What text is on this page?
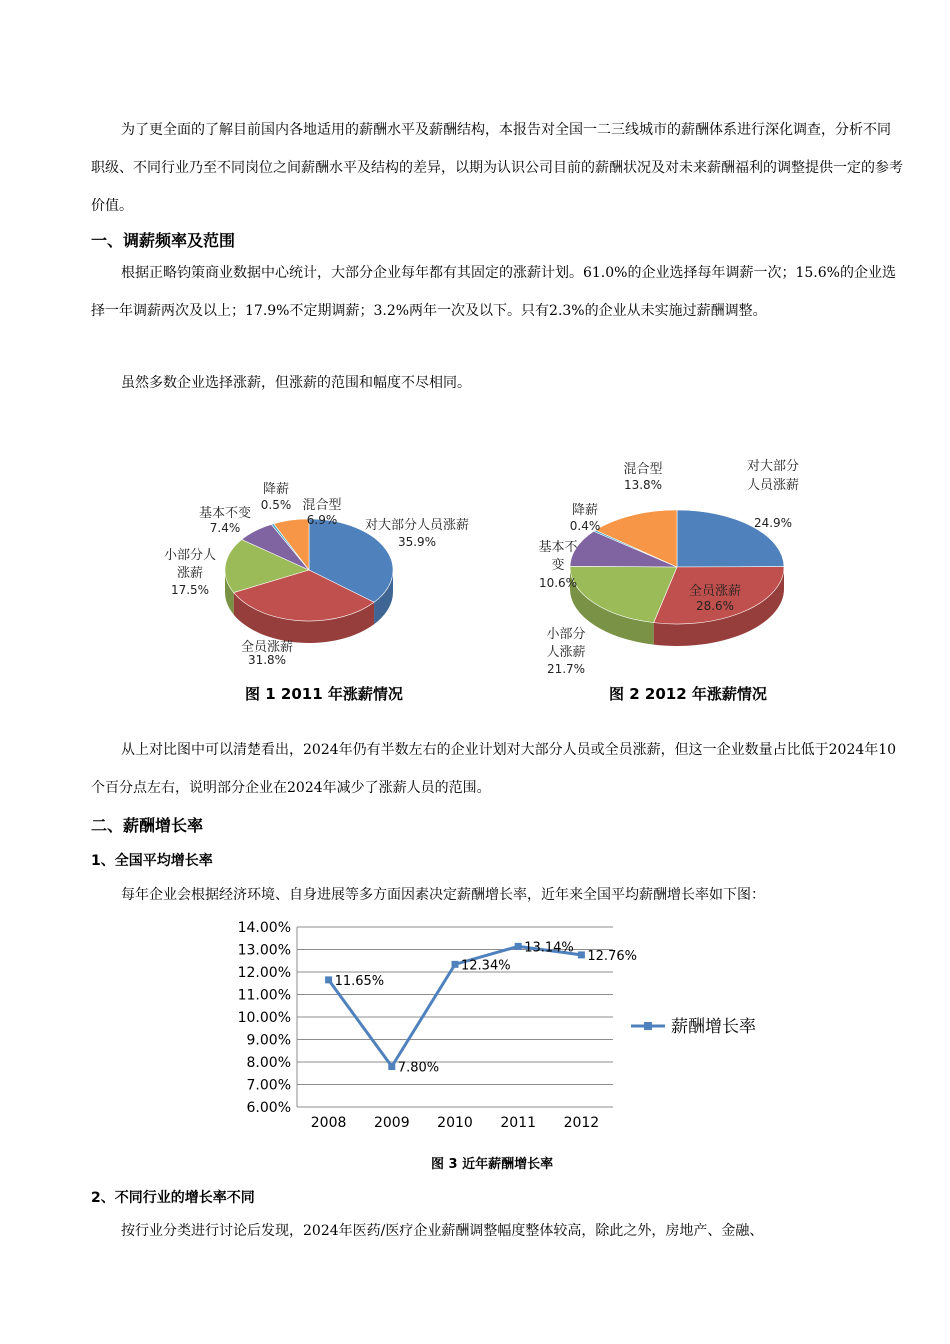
为了更全面的了解目前国内各地适用的薪酬水平及薪酬结构，本报告对全国一二三线城市的薪酬体系进行深化调查，分析不同职级、不同行业乃至不同岗位之间薪酬水平及结构的差异，以期为认识公司目前的薪酬状况及对未来薪酬福利的调整提供一定的参考价值。

一、调薪频率及范围

根据正略钧策商业数据中心统计，大部分企业每年都有其固定的涨薪计划。61.0%的企业选择每年调薪一次；15.6%的企业选择一年调薪两次及以上；17.9%不定期调薪；3.2%两年一次及以下。只有2.3%的企业从未实施过薪酬调整。

虽然多数企业选择涨薪，但涨薪的范围和幅度不尽相同。

对大部分人员涨薪
35.9%
全员涨薪
31.8%
小部分人涨薪
17.5%
基本不变
7.4%
降薪
0.5% 混合型
6.9%
对大部分人员涨薪
24.9%
全员涨薪
28.6%
小部分人涨薪
21.7%
基本不变
10.6%
降薪
0.4%
混合型
13.8%
图 1 2011 年涨薪情况	图 2 2012 年涨薪情况

从上对比图中可以清楚看出，2024年仍有半数左右的企业计划对大部分人员或全员涨薪，但这一企业数量占比低于2024年10个百分点左右，说明部分企业在2024年减少了涨薪人员的范围。

二、薪酬增长率
1、全国平均增长率

每年企业会根据经济环境、自身进展等多方面因素决定薪酬增长率，近年来全国平均薪酬增长率如下图：

6.00%
7.00%
8.00%
9.00%
10.00%
11.00%
12.00%
13.00%
14.00%
2008 2009 2010 2011 2012
11.65%
7.80%
12.34%
13.14%
12.76%
薪酬增长率
图 3 近年薪酬增长率
2、不同行业的增长率不同

按行业分类进行讨论后发现，2024年医药/医疗企业薪酬调整幅度整体较高，除此之外，房地产、金融、
